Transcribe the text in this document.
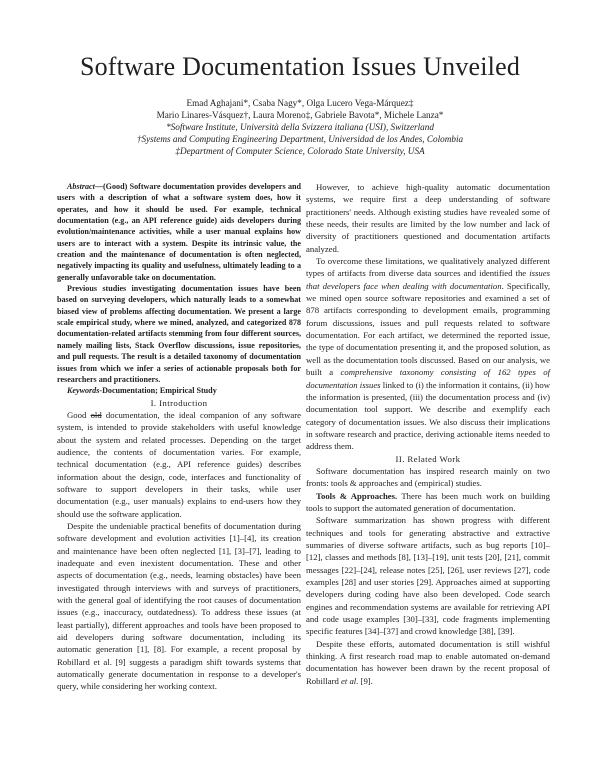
Software Documentation Issues Unveiled
Emad Aghajani*, Csaba Nagy*, Olga Lucero Vega-Márquez‡
Mario Linares-Vásquez†, Laura Moreno‡, Gabriele Bavota*, Michele Lanza*
*Software Institute, Università della Svizzera italiana (USI), Switzerland
†Systems and Computing Engineering Department, Universidad de los Andes, Colombia
‡Department of Computer Science, Colorado State University, USA

Abstract—(Good) Software documentation provides developers and users with a description of what a software system does, how it operates, and how it should be used. For example, technical documentation (e.g., an API reference guide) aids developers during evolution/maintenance activities, while a user manual explains how users are to interact with a system. Despite its intrinsic value, the creation and the maintenance of documentation is often neglected, negatively impacting its quality and usefulness, ultimately leading to a generally unfavorable take on documentation.

Previous studies investigating documentation issues have been based on surveying developers, which naturally leads to a somewhat biased view of problems affecting documentation. We present a large scale empirical study, where we mined, analyzed, and categorized 878 documentation-related artifacts stemming from four different sources, namely mailing lists, Stack Overflow discussions, issue repositories, and pull requests. The result is a detailed taxonomy of documentation issues from which we infer a series of actionable proposals both for researchers and practitioners.

Keywords-Documentation; Empirical Study

I. Introduction

Good old documentation, the ideal companion of any software system, is intended to provide stakeholders with useful knowledge about the system and related processes. Depending on the target audience, the contents of documentation varies. For example, technical documentation (e.g., API reference guides) describes information about the design, code, interfaces and functionality of software to support developers in their tasks, while user documentation (e.g., user manuals) explains to end-users how they should use the software application.

Despite the undeniable practical benefits of documentation during software development and evolution activities [1]–[4], its creation and maintenance have been often neglected [1], [3]–[7], leading to inadequate and even inexistent documentation. These and other aspects of documentation (e.g., needs, learning obstacles) have been investigated through interviews with and surveys of practitioners, with the general goal of identifying the root causes of documentation issues (e.g., inaccuracy, outdatedness). To address these issues (at least partially), different approaches and tools have been proposed to aid developers during software documentation, including its automatic generation [1], [8]. For example, a recent proposal by Robillard et al. [9] suggests a paradigm shift towards systems that automatically generate documentation in response to a developer's query, while considering her working context.

However, to achieve high-quality automatic documentation systems, we require first a deep understanding of software practitioners' needs. Although existing studies have revealed some of these needs, their results are limited by the low number and lack of diversity of practitioners questioned and documentation artifacts analyzed.

To overcome these limitations, we qualitatively analyzed different types of artifacts from diverse data sources and identified the issues that developers face when dealing with documentation. Specifically, we mined open source software repositories and examined a set of 878 artifacts corresponding to development emails, programming forum discussions, issues and pull requests related to software documentation. For each artifact, we determined the reported issue, the type of documentation presenting it, and the proposed solution, as well as the documentation tools discussed. Based on our analysis, we built a comprehensive taxonomy consisting of 162 types of documentation issues linked to (i) the information it contains, (ii) how the information is presented, (iii) the documentation process and (iv) documentation tool support. We describe and exemplify each category of documentation issues. We also discuss their implications in software research and practice, deriving actionable items needed to address them.

II. Related Work

Software documentation has inspired research mainly on two fronts: tools & approaches and (empirical) studies.

Tools & Approaches. There has been much work on building tools to support the automated generation of documentation.

Software summarization has shown progress with different techniques and tools for generating abstractive and extractive summaries of diverse software artifacts, such as bug reports [10]–[12], classes and methods [8], [13]–[19], unit tests [20], [21], commit messages [22]–[24], release notes [25], [26], user reviews [27], code examples [28] and user stories [29]. Approaches aimed at supporting developers during coding have also been developed. Code search engines and recommendation systems are available for retrieving API and code usage examples [30]–[33], code fragments implementing specific features [34]–[37] and crowd knowledge [38], [39].

Despite these efforts, automated documentation is still wishful thinking. A first research road map to enable automated on-demand documentation has however been drawn by the recent proposal of Robillard et al. [9].
